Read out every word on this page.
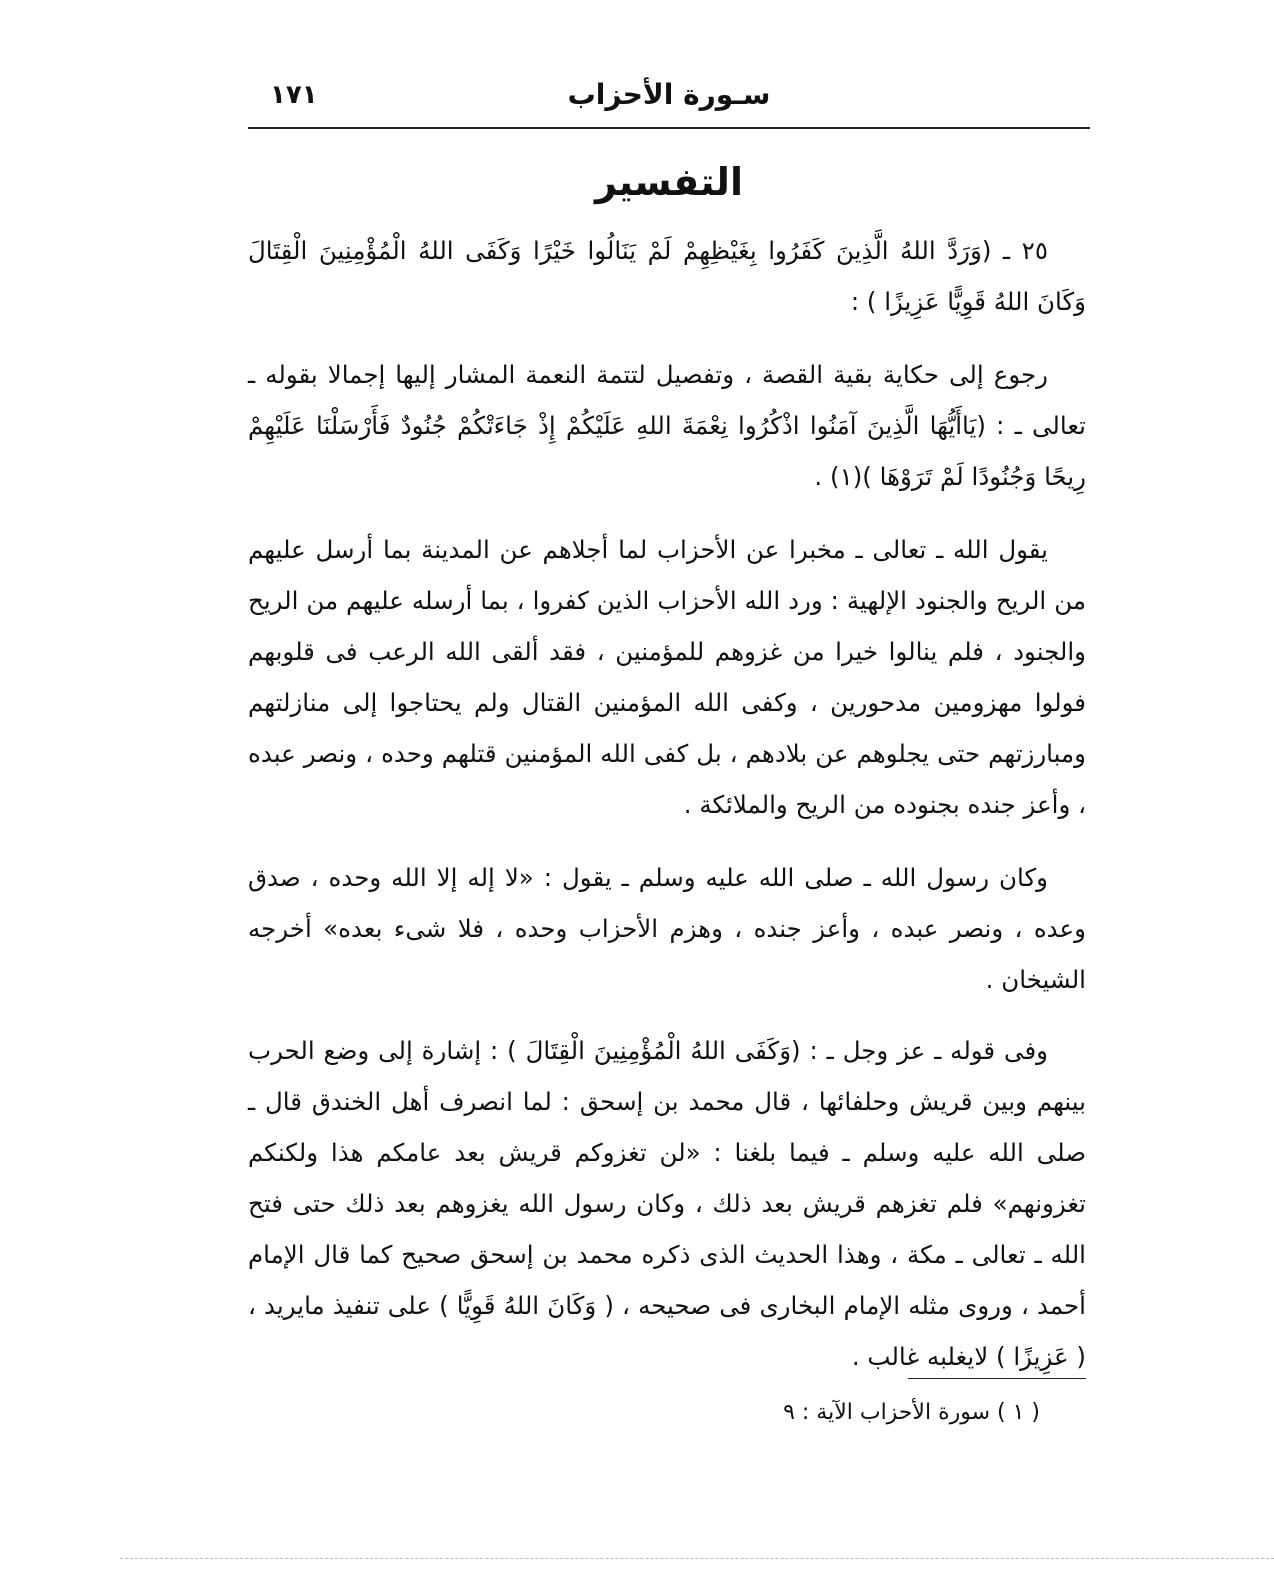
سـورة الأحزاب
١٧١
التفسير

٢٥ ـ (وَرَدَّ اللهُ الَّذِينَ كَفَرُوا بِغَيْظِهِمْ لَمْ يَنَالُوا خَيْرًا وَكَفَى اللهُ الْمُؤْمِنِينَ الْقِتَالَ وَكَانَ اللهُ قَوِيًّا عَزِيزًا ) :

رجوع إلى حكاية بقية القصة ، وتفصيل لتتمة النعمة المشار إليها إجمالا بقوله ـ تعالى ـ : (يَاأَيُّهَا الَّذِينَ آمَنُوا اذْكُرُوا نِعْمَةَ اللهِ عَلَيْكُمْ إِذْ جَاءَتْكُمْ جُنُودٌ فَأَرْسَلْنَا عَلَيْهِمْ رِيحًا وَجُنُودًا لَمْ تَرَوْهَا )(١) .

يقول الله ـ تعالى ـ مخبرا عن الأحزاب لما أجلاهم عن المدينة بما أرسل عليهم من الريح والجنود الإلهية : ورد الله الأحزاب الذين كفروا ، بما أرسله عليهم من الريح والجنود ، فلم ينالوا خيرا من غزوهم للمؤمنين ، فقد ألقى الله الرعب فى قلوبهم فولوا مهزومين مدحورين ، وكفى الله المؤمنين القتال ولم يحتاجوا إلى منازلتهم ومبارزتهم حتى يجلوهم عن بلادهم ، بل كفى الله المؤمنين قتلهم وحده ، ونصر عبده ، وأعز جنده بجنوده من الريح والملائكة .

وكان رسول الله ـ صلى الله عليه وسلم ـ يقول : «لا إله إلا الله وحده ، صدق وعده ، ونصر عبده ، وأعز جنده ، وهزم الأحزاب وحده ، فلا شىء بعده» أخرجه الشيخان .

وفى قوله ـ عز وجل ـ : (وَكَفَى اللهُ الْمُؤْمِنِينَ الْقِتَالَ ) : إشارة إلى وضع الحرب بينهم وبين قريش وحلفائها ، قال محمد بن إسحق : لما انصرف أهل الخندق قال ـ صلى الله عليه وسلم ـ فيما بلغنا : «لن تغزوكم قريش بعد عامكم هذا ولكنكم تغزونهم» فلم تغزهم قريش بعد ذلك ، وكان رسول الله يغزوهم بعد ذلك حتى فتح الله ـ تعالى ـ مكة ، وهذا الحديث الذى ذكره محمد بن إسحق صحيح كما قال الإمام أحمد ، وروى مثله الإمام البخارى فى صحيحه ، ( وَكَانَ اللهُ قَوِيًّا ) على تنفيذ مايريد ، ( عَزِيزًا ) لايغلبه غالب .

( ١ ) سورة الأحزاب الآية : ٩
